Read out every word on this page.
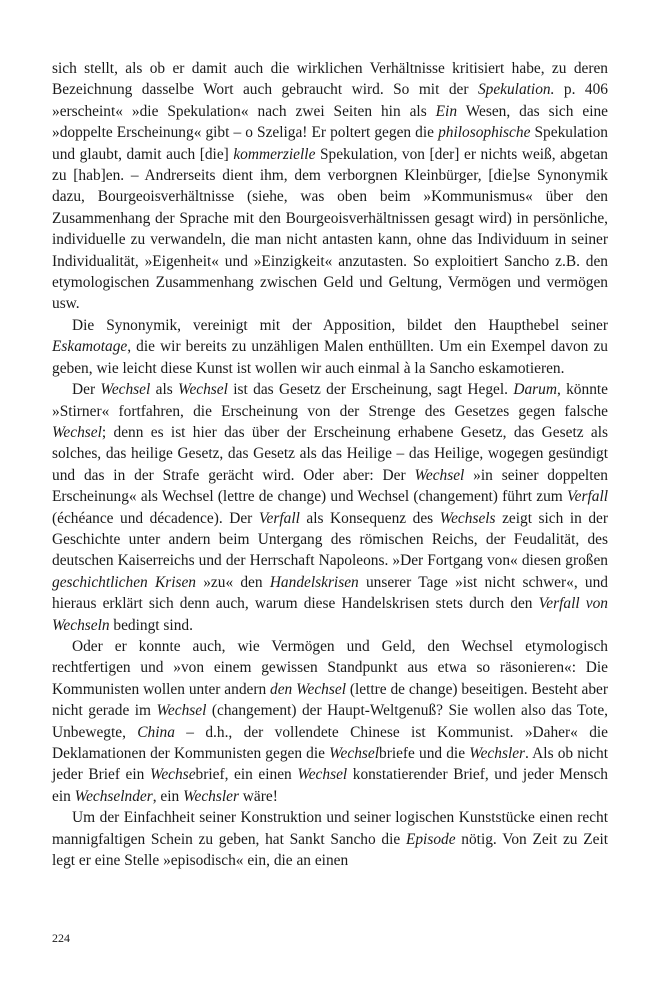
sich stellt, als ob er damit auch die wirklichen Verhältnisse kritisiert habe, zu deren Bezeichnung dasselbe Wort auch gebraucht wird. So mit der Spekulation. p. 406 »erscheint« »die Spekulation« nach zwei Seiten hin als Ein Wesen, das sich eine »doppelte Erscheinung« gibt – o Szeliga! Er poltert gegen die philosophische Spekulation und glaubt, damit auch [die] kommerzielle Spekulation, von [der] er nichts weiß, abgetan zu [hab]en. – Andrerseits dient ihm, dem verborgnen Kleinbürger, [die]se Synonymik dazu, Bourgeoisverhältnisse (siehe, was oben beim »Kommunismus« über den Zusammenhang der Sprache mit den Bourgeoisverhältnissen gesagt wird) in persönliche, individuelle zu verwandeln, die man nicht antasten kann, ohne das Individuum in seiner Individualität, »Eigenheit« und »Einzigkeit« anzutasten. So exploitiert Sancho z.B. den etymologischen Zusammenhang zwischen Geld und Geltung, Vermögen und vermögen usw.

Die Synonymik, vereinigt mit der Apposition, bildet den Haupthebel seiner Eskamotage, die wir bereits zu unzähligen Malen enthüllten. Um ein Exempel davon zu geben, wie leicht diese Kunst ist wollen wir auch einmal à la Sancho eskamotieren.

Der Wechsel als Wechsel ist das Gesetz der Erscheinung, sagt Hegel. Darum, könnte »Stirner« fortfahren, die Erscheinung von der Strenge des Gesetzes gegen falsche Wechsel; denn es ist hier das über der Erscheinung erhabene Gesetz, das Gesetz als solches, das heilige Gesetz, das Gesetz als das Heilige – das Heilige, wogegen gesündigt und das in der Strafe gerächt wird. Oder aber: Der Wechsel »in seiner doppelten Erscheinung« als Wechsel (lettre de change) und Wechsel (changement) führt zum Verfall (échéance und décadence). Der Verfall als Konsequenz des Wechsels zeigt sich in der Geschichte unter andern beim Untergang des römischen Reichs, der Feudalität, des deutschen Kaiserreichs und der Herrschaft Napoleons. »Der Fortgang von« diesen großen geschichtlichen Krisen »zu« den Handelskrisen unserer Tage »ist nicht schwer«, und hieraus erklärt sich denn auch, warum diese Handelskrisen stets durch den Verfall von Wechseln bedingt sind.

Oder er konnte auch, wie Vermögen und Geld, den Wechsel etymologisch rechtfertigen und »von einem gewissen Standpunkt aus etwa so räsonieren«: Die Kommunisten wollen unter andern den Wechsel (lettre de change) beseitigen. Besteht aber nicht gerade im Wechsel (changement) der Haupt-Weltgenuß? Sie wollen also das Tote, Unbewegte, China – d.h., der vollendete Chinese ist Kommunist. »Daher« die Deklamationen der Kommunisten gegen die Wechselbriefe und die Wechsler. Als ob nicht jeder Brief ein Wechsebrief, ein einen Wechsel konstatierender Brief, und jeder Mensch ein Wechselnder, ein Wechsler wäre!

Um der Einfachheit seiner Konstruktion und seiner logischen Kunststücke einen recht mannigfaltigen Schein zu geben, hat Sankt Sancho die Episode nötig. Von Zeit zu Zeit legt er eine Stelle »episodisch« ein, die an einen

224
